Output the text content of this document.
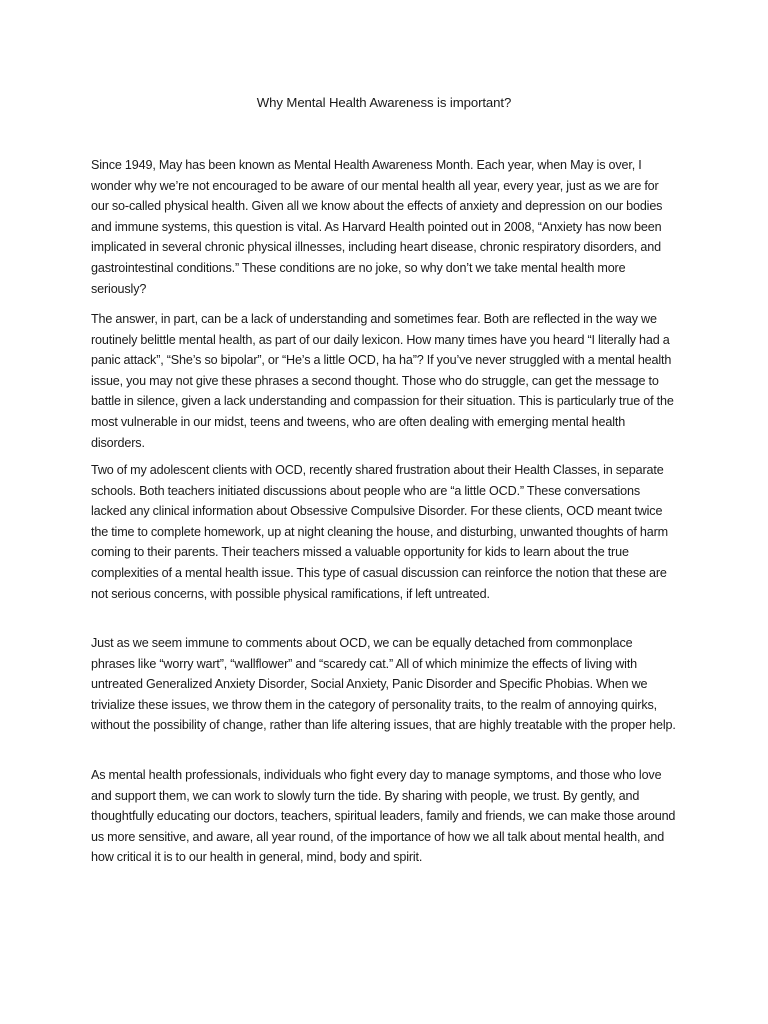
Why Mental Health Awareness is important?

Since 1949, May has been known as Mental Health Awareness Month. Each year, when May is over, I wonder why we’re not encouraged to be aware of our mental health all year, every year, just as we are for our so-called physical health. Given all we know about the effects of anxiety and depression on our bodies and immune systems, this question is vital. As Harvard Health pointed out in 2008, “Anxiety has now been implicated in several chronic physical illnesses, including heart disease, chronic respiratory disorders, and gastrointestinal conditions.” These conditions are no joke, so why don’t we take mental health more seriously?

The answer, in part, can be a lack of understanding and sometimes fear. Both are reflected in the way we routinely belittle mental health, as part of our daily lexicon. How many times have you heard “I literally had a panic attack”, “She’s so bipolar”, or “He’s a little OCD, ha ha”? If you’ve never struggled with a mental health issue, you may not give these phrases a second thought. Those who do struggle, can get the message to battle in silence, given a lack understanding and compassion for their situation. This is particularly true of the most vulnerable in our midst, teens and tweens, who are often dealing with emerging mental health disorders.

Two of my adolescent clients with OCD, recently shared frustration about their Health Classes, in separate schools. Both teachers initiated discussions about people who are “a little OCD.” These conversations lacked any clinical information about Obsessive Compulsive Disorder. For these clients, OCD meant twice the time to complete homework, up at night cleaning the house, and disturbing, unwanted thoughts of harm coming to their parents. Their teachers missed a valuable opportunity for kids to learn about the true complexities of a mental health issue. This type of casual discussion can reinforce the notion that these are not serious concerns, with possible physical ramifications, if left untreated.

Just as we seem immune to comments about OCD, we can be equally detached from commonplace phrases like “worry wart”, “wallflower” and “scaredy cat.” All of which minimize the effects of living with untreated Generalized Anxiety Disorder, Social Anxiety, Panic Disorder and Specific Phobias. When we trivialize these issues, we throw them in the category of personality traits, to the realm of annoying quirks, without the possibility of change, rather than life altering issues, that are highly treatable with the proper help.

As mental health professionals, individuals who fight every day to manage symptoms, and those who love and support them, we can work to slowly turn the tide. By sharing with people, we trust. By gently, and thoughtfully educating our doctors, teachers, spiritual leaders, family and friends, we can make those around us more sensitive, and aware, all year round, of the importance of how we all talk about mental health, and how critical it is to our health in general, mind, body and spirit.
